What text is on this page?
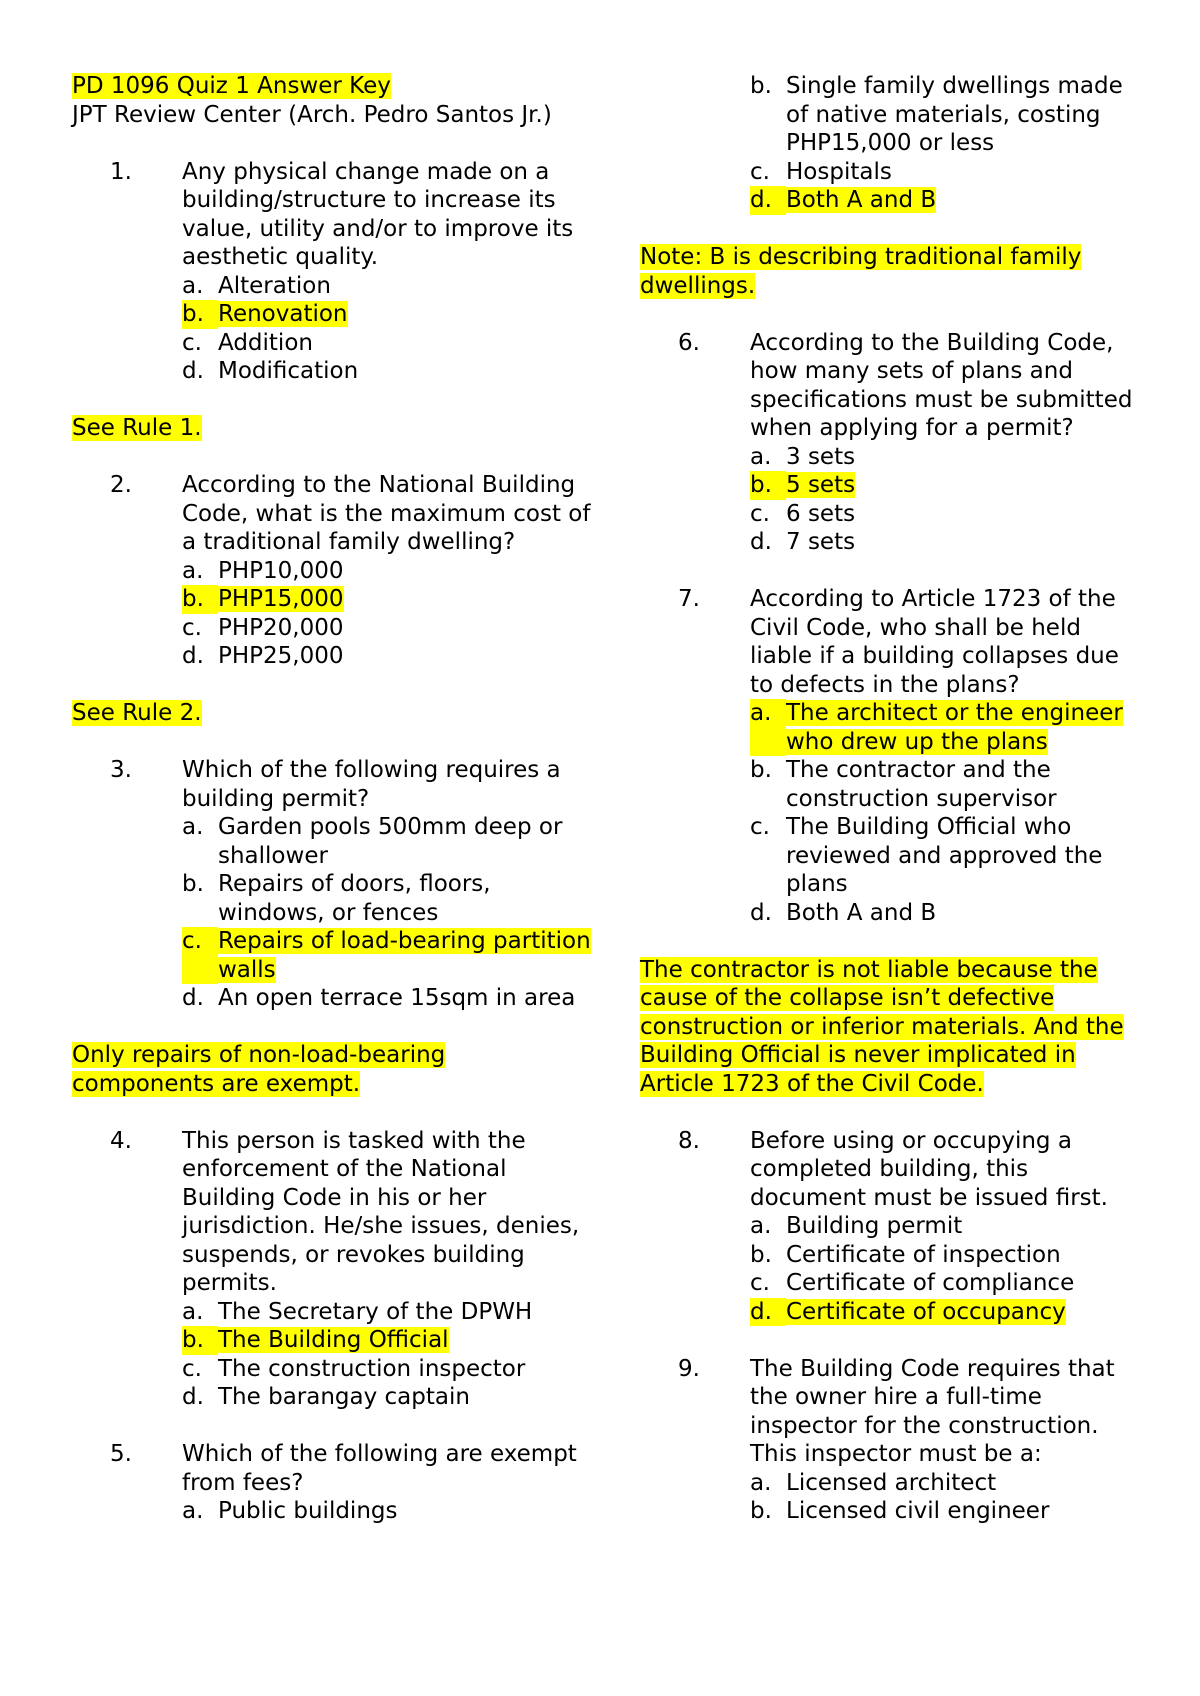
PD 1096 Quiz 1 Answer Key

JPT Review Center (Arch. Pedro Santos Jr.)

1.	Any physical change made on a building/structure to increase its value, utility and/or to improve its aesthetic quality.
a. Alteration
b. Renovation
c. Addition
d. Modification

See Rule 1.

2.	According to the National Building Code, what is the maximum cost of a traditional family dwelling?
a. PHP10,000
b. PHP15,000
c. PHP20,000
d. PHP25,000

See Rule 2.

3.	Which of the following requires a building permit?
a. Garden pools 500mm deep or shallower
b. Repairs of doors, floors, windows, or fences
c. Repairs of load-bearing partition walls
d. An open terrace 15sqm in area

Only repairs of non-load-bearing components are exempt.

4.	This person is tasked with the enforcement of the National Building Code in his or her jurisdiction. He/she issues, denies, suspends, or revokes building permits.
a. The Secretary of the DPWH
b. The Building Official
c. The construction inspector
d. The barangay captain
5.	Which of the following are exempt from fees?
a. Public buildings
b. Single family dwellings made of native materials, costing PHP15,000 or less
c. Hospitals
d. Both A and B

Note: B is describing traditional family dwellings.

6.	According to the Building Code, how many sets of plans and specifications must be submitted when applying for a permit?
a. 3 sets
b. 5 sets
c. 6 sets
d. 7 sets
7.	According to Article 1723 of the Civil Code, who shall be held liable if a building collapses due to defects in the plans?
a. The architect or the engineer who drew up the plans
b. The contractor and the construction supervisor
c. The Building Official who reviewed and approved the plans
d. Both A and B

The contractor is not liable because the cause of the collapse isn’t defective construction or inferior materials. And the Building Official is never implicated in Article 1723 of the Civil Code.

8.	Before using or occupying a completed building, this document must be issued first.
a. Building permit
b. Certificate of inspection
c. Certificate of compliance
d. Certificate of occupancy
9.	The Building Code requires that the owner hire a full-time inspector for the construction. This inspector must be a:
a. Licensed architect
b. Licensed civil engineer
